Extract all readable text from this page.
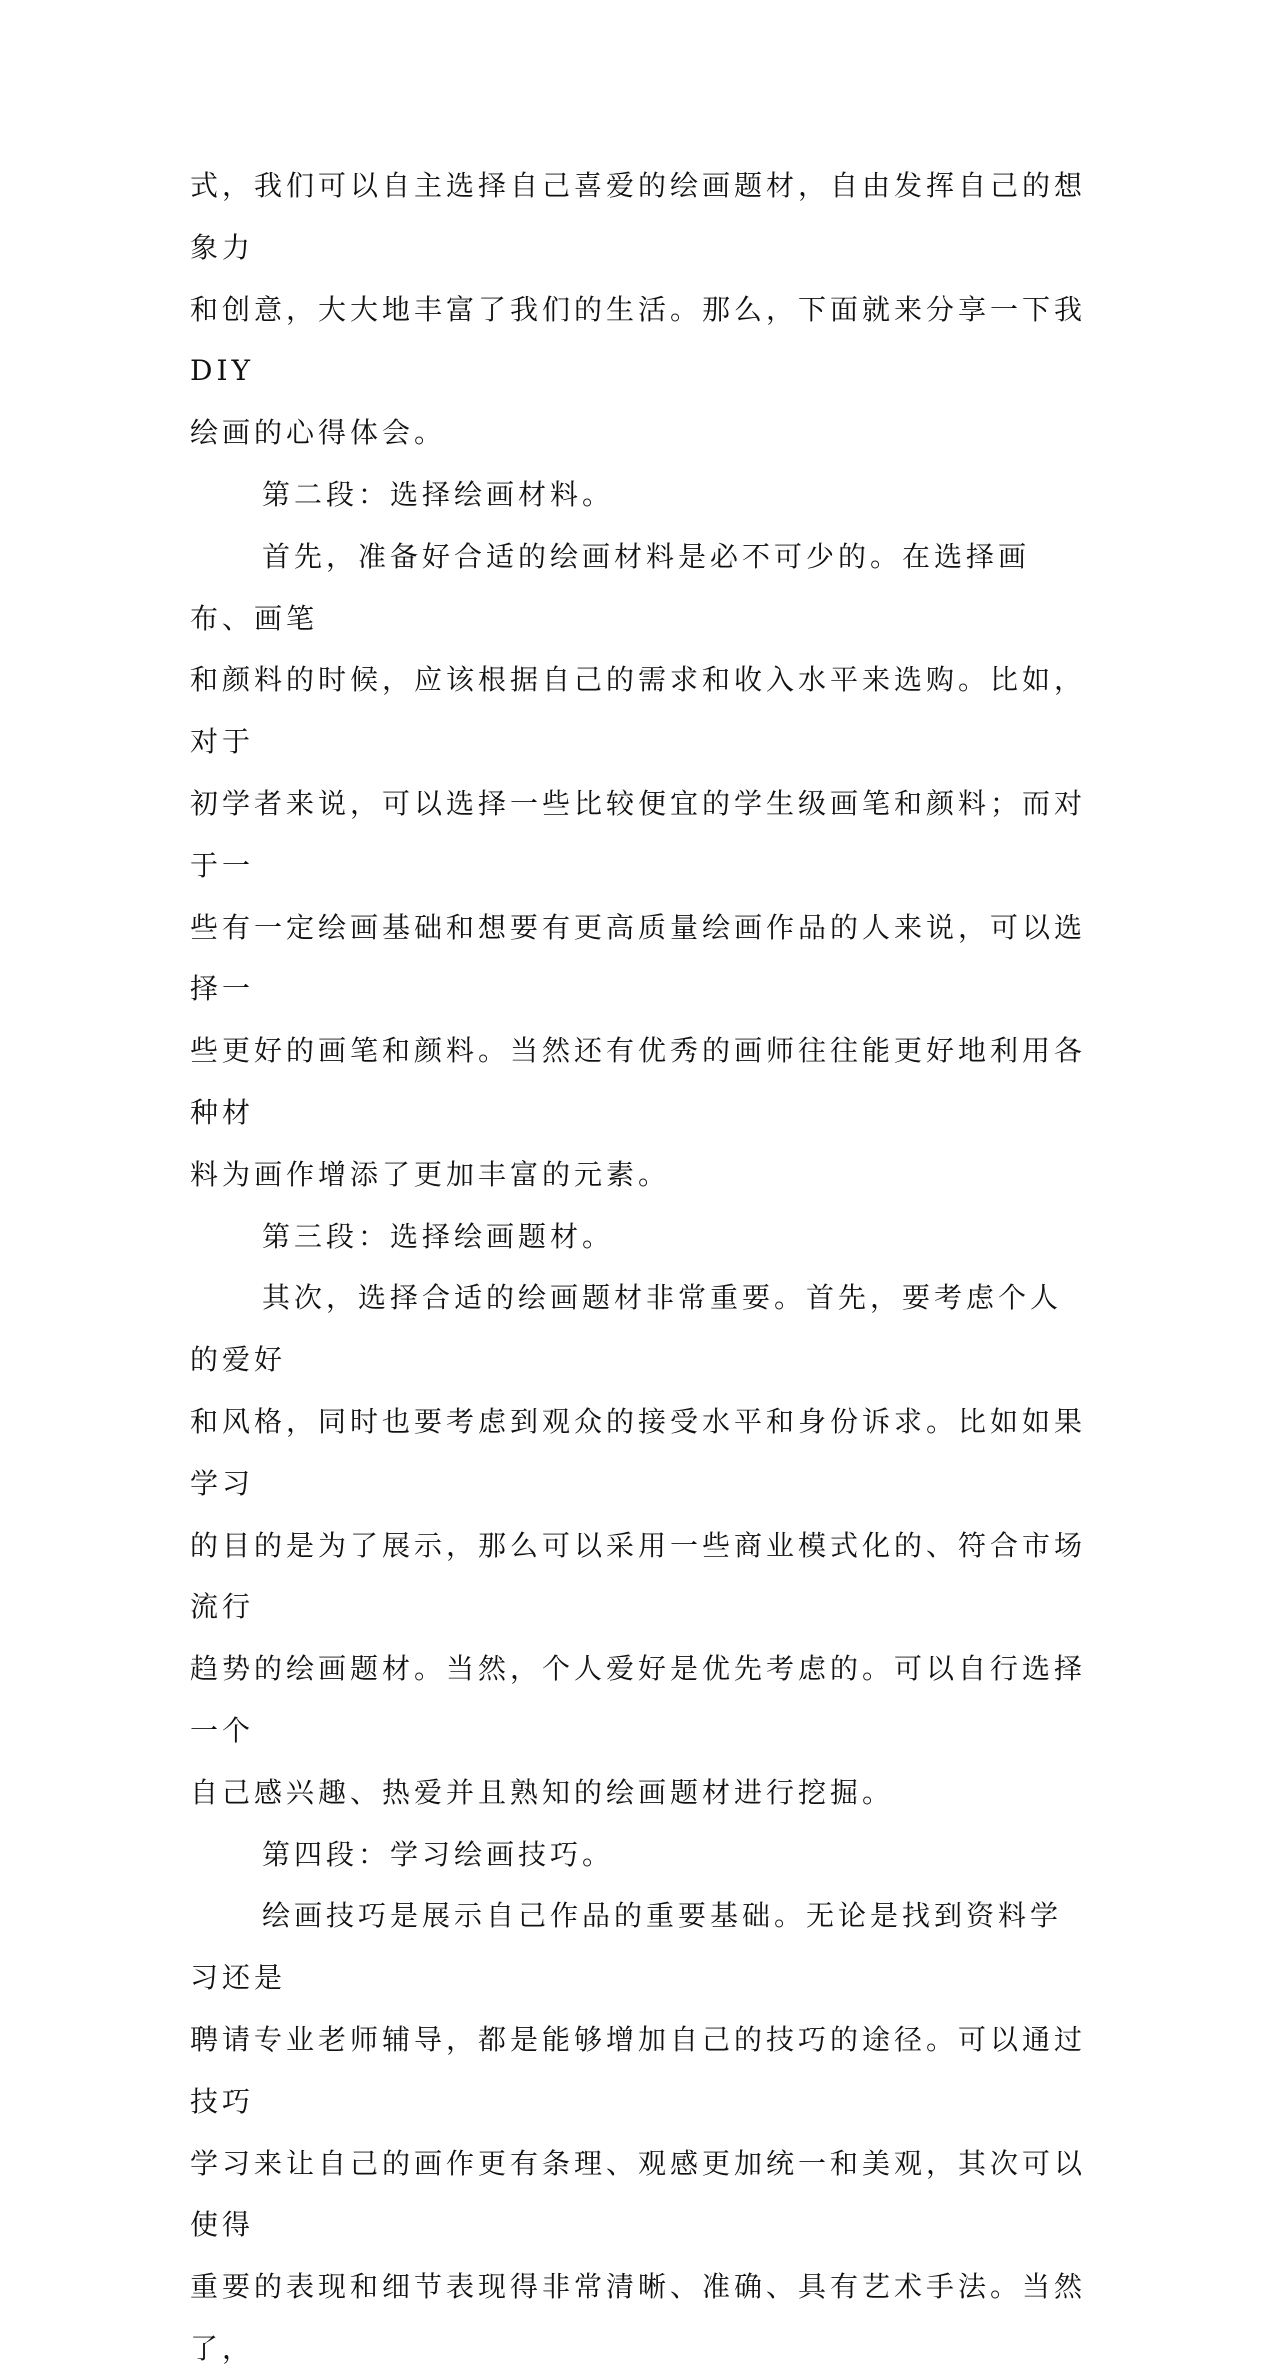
式，我们可以自主选择自己喜爱的绘画题材，自由发挥自己的想象力
和创意，大大地丰富了我们的生活。那么，下面就来分享一下我 DIY
绘画的心得体会。

第二段：选择绘画材料。

首先，准备好合适的绘画材料是必不可少的。在选择画布、画笔
和颜料的时候，应该根据自己的需求和收入水平来选购。比如，对于
初学者来说，可以选择一些比较便宜的学生级画笔和颜料；而对于一
些有一定绘画基础和想要有更高质量绘画作品的人来说，可以选择一
些更好的画笔和颜料。当然还有优秀的画师往往能更好地利用各种材
料为画作增添了更加丰富的元素。

第三段：选择绘画题材。

其次，选择合适的绘画题材非常重要。首先，要考虑个人的爱好
和风格，同时也要考虑到观众的接受水平和身份诉求。比如如果学习
的目的是为了展示，那么可以采用一些商业模式化的、符合市场流行
趋势的绘画题材。当然，个人爱好是优先考虑的。可以自行选择一个
自己感兴趣、热爱并且熟知的绘画题材进行挖掘。

第四段：学习绘画技巧。

绘画技巧是展示自己作品的重要基础。无论是找到资料学习还是
聘请专业老师辅导，都是能够增加自己的技巧的途径。可以通过技巧
学习来让自己的画作更有条理、观感更加统一和美观，其次可以使得
重要的表现和细节表现得非常清晰、准确、具有艺术手法。当然了，
